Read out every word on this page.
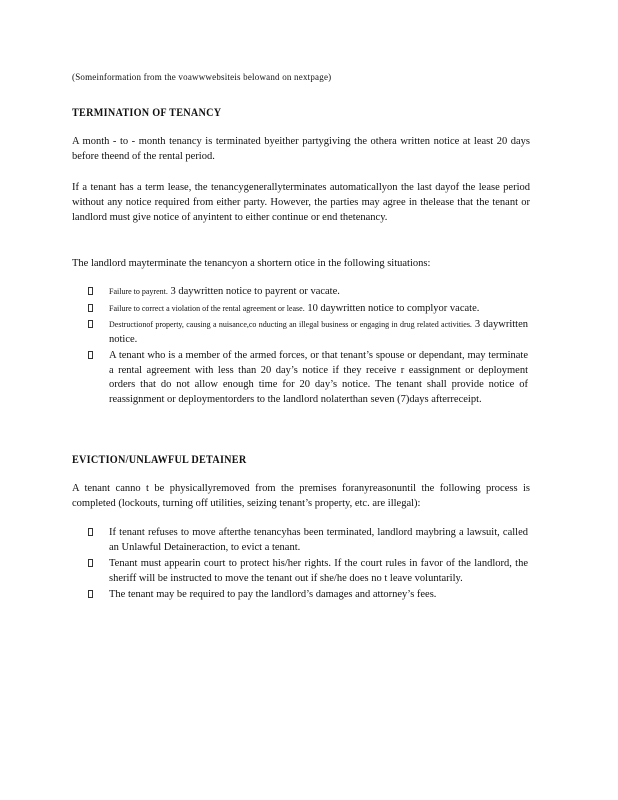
(Someinformation from the voawwwebsiteis belowand on nextpage)
TERMINATION OF TENANCY

A month - to - month tenancy is terminated byeither partygiving the othera written notice at least 20 days before theend of the rental period.

If a tenant has a term lease, the tenancygenerallyterminates automaticallyon the last dayof the lease period without any notice required from either party. However, the parties may agree in thelease that the tenant or landlord must give notice of anyintent to either continue or end thetenancy.

The landlord mayterminate the tenancyon a shortern otice in the following situations:

Failure to payrent. 3 daywritten notice to payrent or vacate.
Failure to correct a violation of the rental agreement or lease. 10 daywritten notice to complyor vacate.
Destructionof property, causing a nuisance,co nducting an illegal business or engaging in drug related activities. 3 daywritten notice.
A tenant who is a member of the armed forces, or that tenant’s spouse or dependant, may terminate a rental agreement with less than 20 day’s notice if they receive r eassignment or deployment orders that do not allow enough time for 20 day’s notice. The tenant shall provide notice of reassignment or deploymentorders to the landlord nolaterthan seven (7)days afterreceipt.
EVICTION/UNLAWFUL DETAINER

A tenant canno t be physicallyremoved from the premises foranyreasonuntil the following process is completed (lockouts, turning off utilities, seizing tenant’s property, etc. are illegal):

If tenant refuses to move afterthe tenancyhas been terminated, landlord maybring a lawsuit, called an Unlawful Detaineraction, to evict a tenant.
Tenant must appearin court to protect his/her rights. If the court rules in favor of the landlord, the sheriff will be instructed to move the tenant out if she/he does no t leave voluntarily.
The tenant may be required to pay the landlord’s damages and attorney’s fees.
